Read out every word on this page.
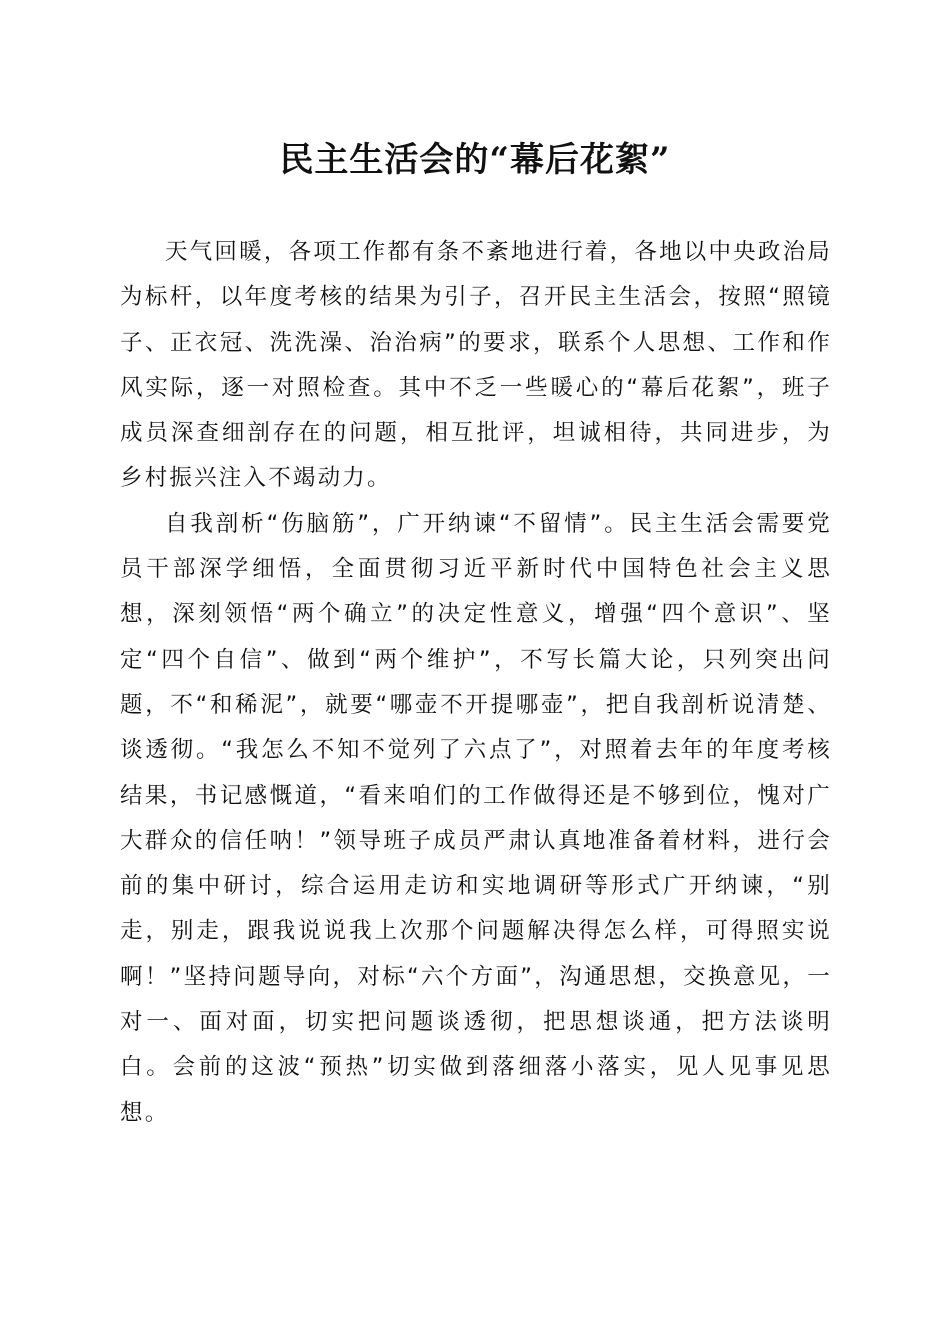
民主生活会的“幕后花絮”

天气回暖，各项工作都有条不紊地进行着，各地以中央政治局为标杆，以年度考核的结果为引子，召开民主生活会，按照“照镜子、正衣冠、洗洗澡、治治病”的要求，联系个人思想、工作和作风实际，逐一对照检查。其中不乏一些暖心的“幕后花絮”，班子成员深查细剖存在的问题，相互批评，坦诚相待，共同进步，为乡村振兴注入不竭动力。

自我剖析“伤脑筋”，广开纳谏“不留情”。民主生活会需要党员干部深学细悟，全面贯彻习近平新时代中国特色社会主义思想，深刻领悟“两个确立”的决定性意义，增强“四个意识”、坚定“四个自信”、做到“两个维护”，不写长篇大论，只列突出问题，不“和稀泥”，就要“哪壶不开提哪壶”，把自我剖析说清楚、谈透彻。“我怎么不知不觉列了六点了”，对照着去年的年度考核结果，书记感慨道，“看来咱们的工作做得还是不够到位，愧对广大群众的信任呐！”领导班子成员严肃认真地准备着材料，进行会前的集中研讨，综合运用走访和实地调研等形式广开纳谏，“别走，别走，跟我说说我上次那个问题解决得怎么样，可得照实说啊！”坚持问题导向，对标“六个方面”，沟通思想，交换意见，一对一、面对面，切实把问题谈透彻，把思想谈通，把方法谈明白。会前的这波“预热”切实做到落细落小落实，见人见事见思想。
